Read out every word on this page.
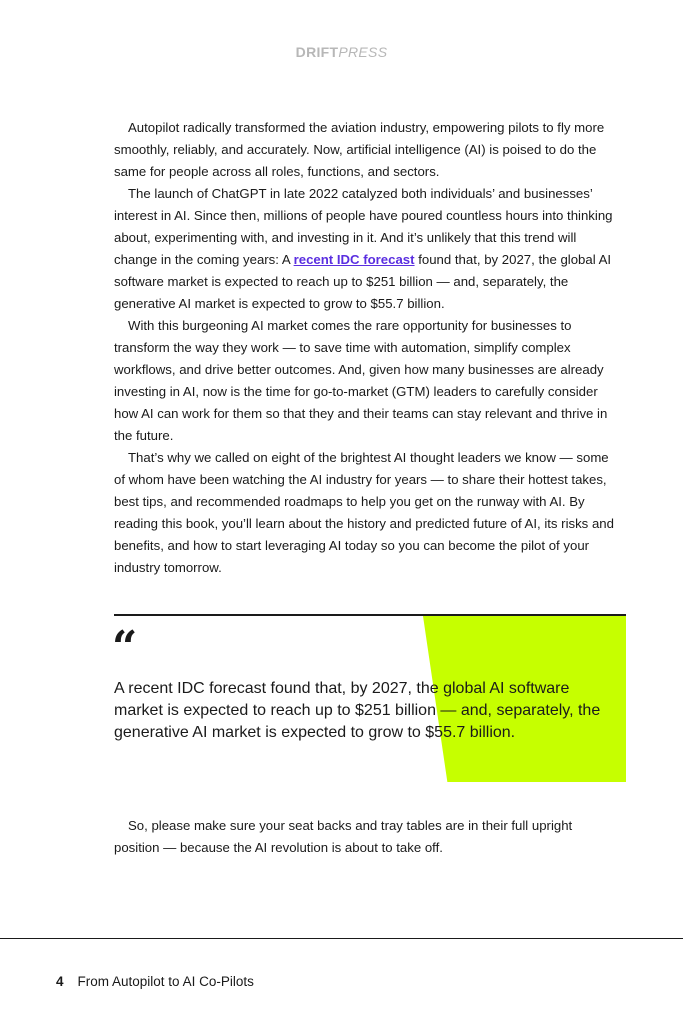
DRIFTPRESS

Autopilot radically transformed the aviation industry, empowering pilots to fly more smoothly, reliably, and accurately. Now, artificial intelligence (AI) is poised to do the same for people across all roles, functions, and sectors.

The launch of ChatGPT in late 2022 catalyzed both individuals’ and businesses’ interest in AI. Since then, millions of people have poured countless hours into thinking about, experimenting with, and investing in it. And it’s unlikely that this trend will change in the coming years: A recent IDC forecast found that, by 2027, the global AI software market is expected to reach up to $251 billion — and, separately, the generative AI market is expected to grow to $55.7 billion.

With this burgeoning AI market comes the rare opportunity for businesses to transform the way they work — to save time with automation, simplify complex workflows, and drive better outcomes. And, given how many businesses are already investing in AI, now is the time for go-to-market (GTM) leaders to carefully consider how AI can work for them so that they and their teams can stay relevant and thrive in the future.

That’s why we called on eight of the brightest AI thought leaders we know — some of whom have been watching the AI industry for years — to share their hottest takes, best tips, and recommended roadmaps to help you get on the runway with AI. By reading this book, you’ll learn about the history and predicted future of AI, its risks and benefits, and how to start leveraging AI today so you can become the pilot of your industry tomorrow.

“
A recent IDC forecast found that, by 2027, the global AI software market is expected to reach up to $251 billion — and, separately, the generative AI market is expected to grow to $55.7 billion.

So, please make sure your seat backs and tray tables are in their full upright position — because the AI revolution is about to take off.

4 From Autopilot to AI Co-Pilots
